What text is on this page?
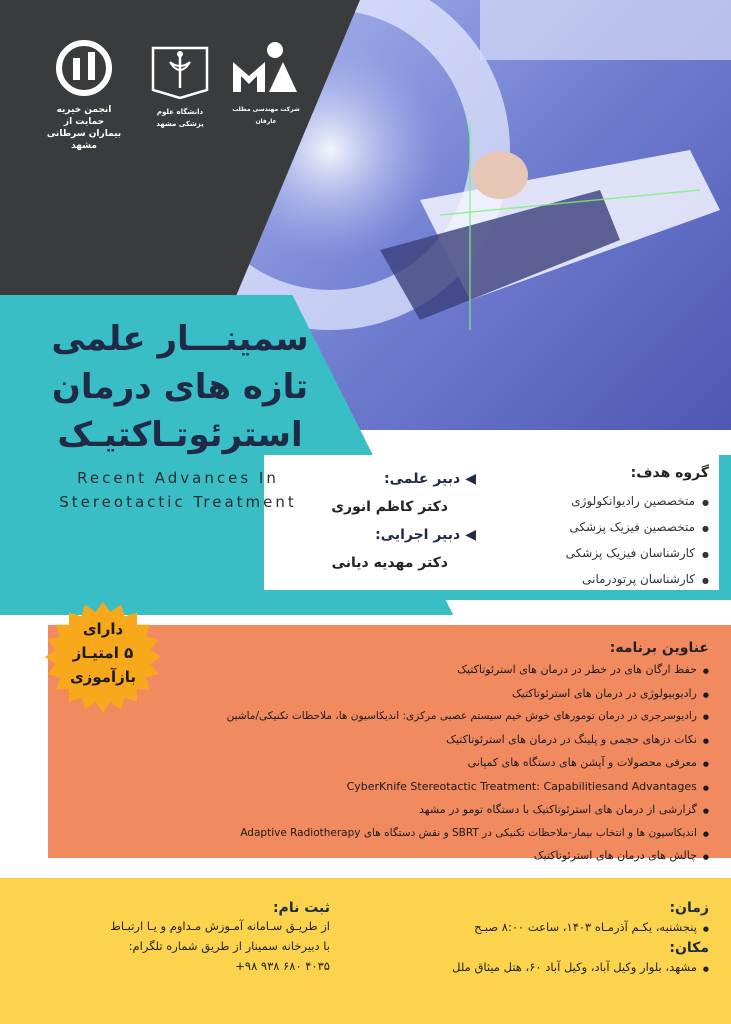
انجمن خیریه حمایت از
بیماران سرطانی مشهد
دانشگاه علوم پزشکی مشهد
شرکت مهندسی مطلب عارفان
سمینـــار علمی
تازه های درمان
استرئوتـاکتیـک
Recent Advances In
Stereotactic Treatment
گروه هدف:
● متخصصین رادیوانکولوژی
● متخصصین فیزیک پزشکی
● کارشناسان فیزیک پزشکی
● کارشناسان پرتودرمانی
◀دبیر علمی:
دکتر کاظم انوری
◀دبیر اجرایی:
دکتر مهدیه دیانی
دارای
۵ امتیـاز
بازآموزی
عناوین برنامه:
● حفظ ارگان های در خطر در درمان های استرئوتاکتیک
● رادیوبیولوژی در درمان های استرئوتاکتیک
● رادیوسرجری در درمان تومورهای خوش خیم سیستم عصبی مرکزی: اندیکاسیون ها، ملاحظات تکنیکی/ماشین
● نکات دزهای حجمی و پلینگ در درمان های استرئوتاکتیک
● معرفی محصولات و آپشن های دستگاه های کمپانی
● CyberKnife Stereotactic Treatment: Capabilitiesand Advantages
● گزارشی از درمان های استرئوتاکتیک با دستگاه تومو در مشهد
● اندیکاسیون ها و انتخاب بیمار-ملاحظات تکنیکی در SBRT و نقش دستگاه های Adaptive Radiotherapy
● چالش های درمان های استرئوتاکتیک
زمان:

● پنجشنبه، یکـم آذرمـاه ۱۴۰۳، ساعت ۸:۰۰ صبـح

مکان:

● مشهد، بلوار وکیل آباد، وکیل آباد ۶۰، هتل میثاق ملل

ثبت نام:

از طریـق سـامانه آمـوزش مـداوم و یـا ارتبـاط

با دبیرخانه سمینار از طریق شماره تلگرام:

+۹۸ ۹۳۸ ۶۸۰ ۴۰۳۵
